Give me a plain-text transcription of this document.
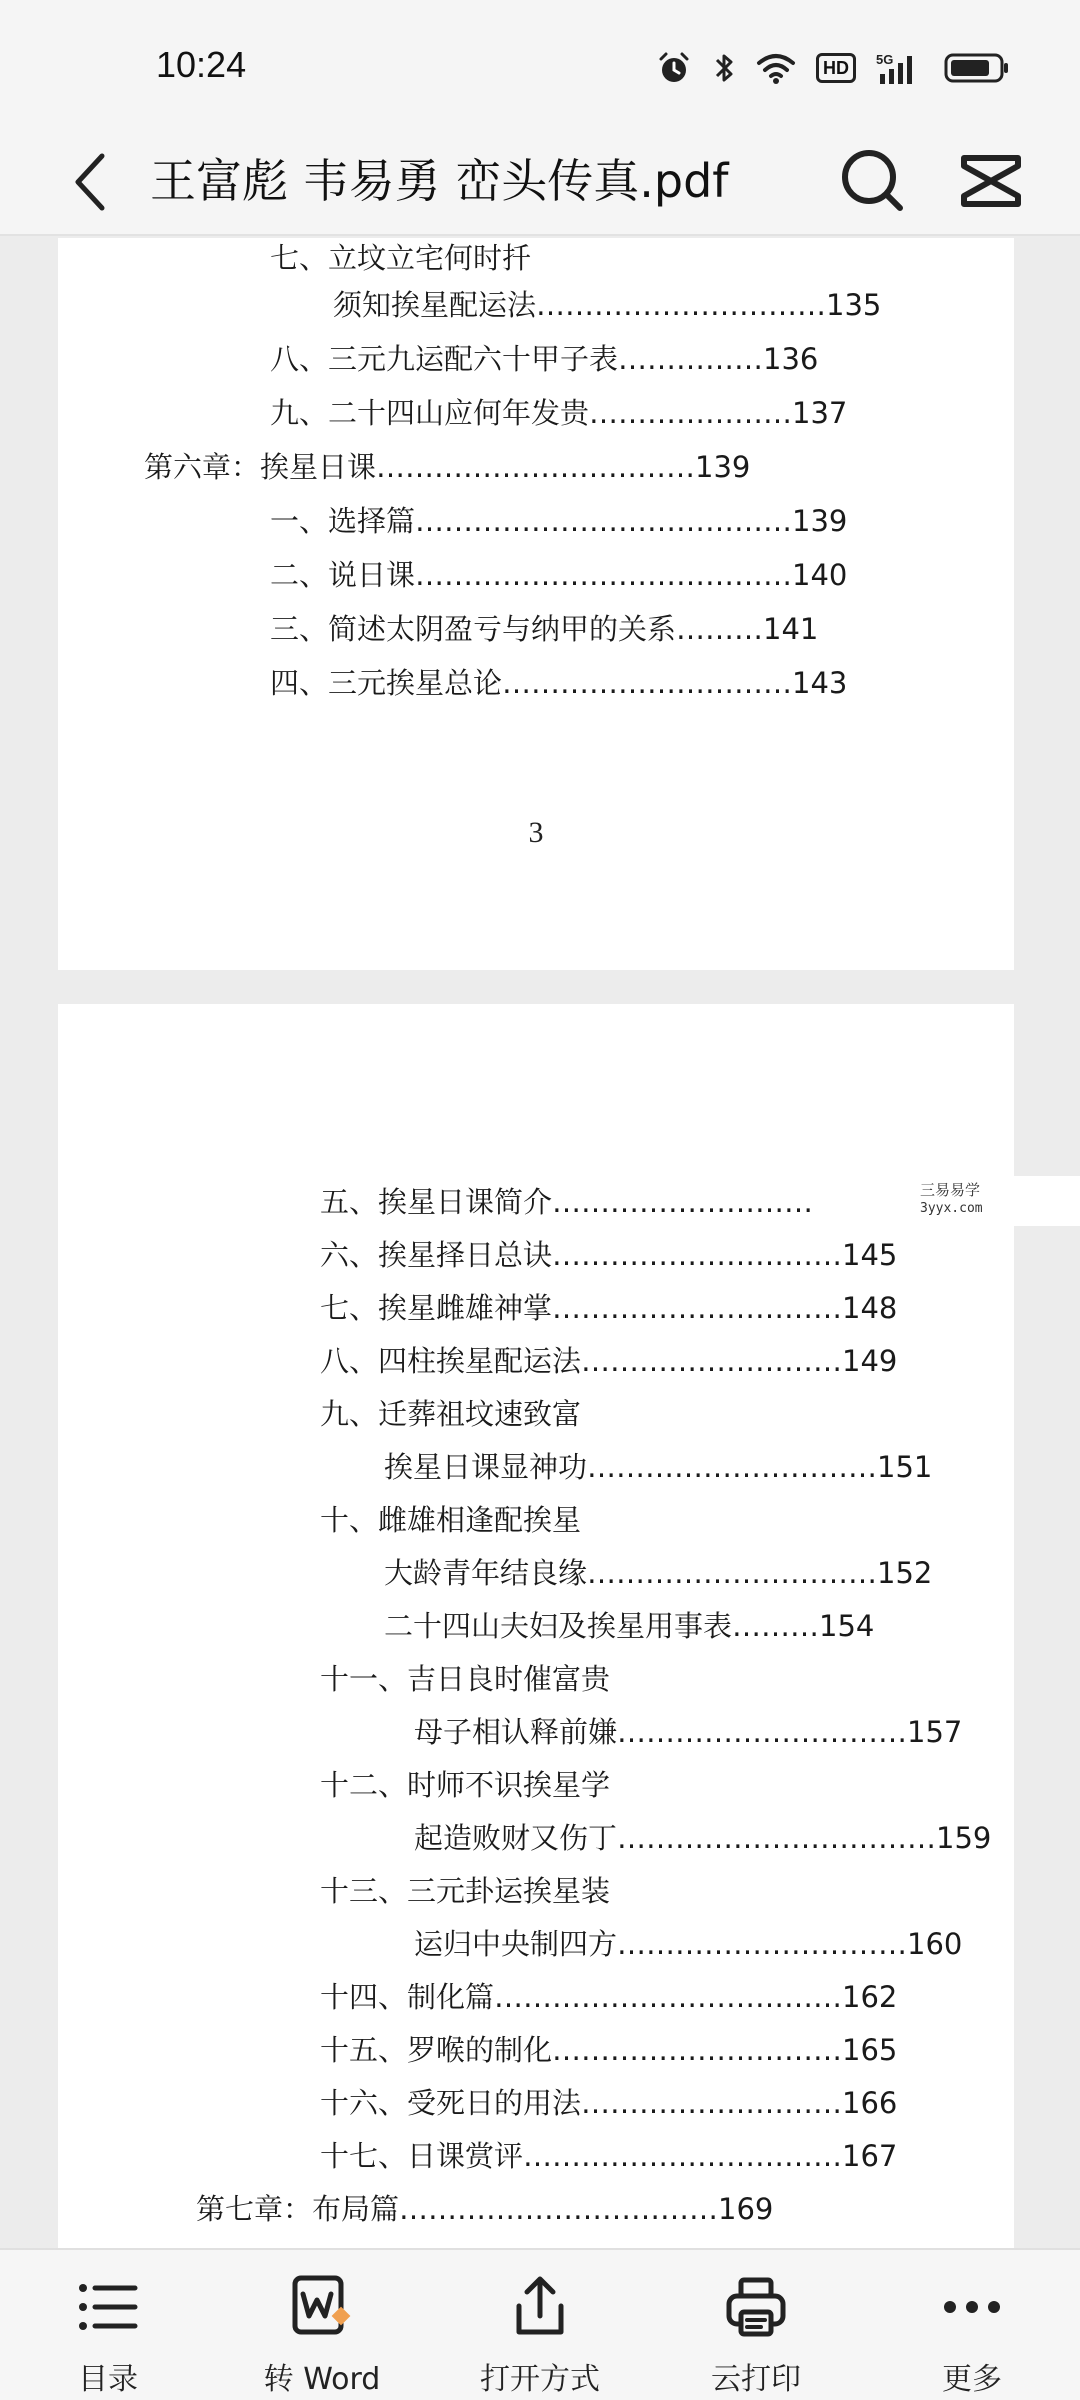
10:24	HD	5G
王富彪 韦易勇 峦头传真.pdf
七、立坟立宅何时扦
须知挨星配运法…………………………135
八、三元九运配六十甲子表……………136
九、二十四山应何年发贵…………………137
第六章：挨星日课……………………………139
一、选择篇…………………………………139
二、说日课…………………………………140
三、简述太阴盈亏与纳甲的关系………141
四、三元挨星总论…………………………143
3
五、挨星日课简介………………………
六、挨星择日总诀…………………………145
七、挨星雌雄神掌…………………………148
八、四柱挨星配运法………………………149
九、迁葬祖坟速致富
挨星日课显神功…………………………151
十、雌雄相逢配挨星
大龄青年结良缘…………………………152
二十四山夫妇及挨星用事表………154
十一、吉日良时催富贵
母子相认释前嫌…………………………157
十二、时师不识挨星学
起造败财又伤丁……………………………159
十三、三元卦运挨星装
运归中央制四方…………………………160
十四、制化篇………………………………162
十五、罗喉的制化…………………………165
十六、受死日的用法………………………166
十七、日课赏评……………………………167
第七章：布局篇……………………………169
三易易学
3yyx.com
目录	转 Word	打开方式	云打印	更多
